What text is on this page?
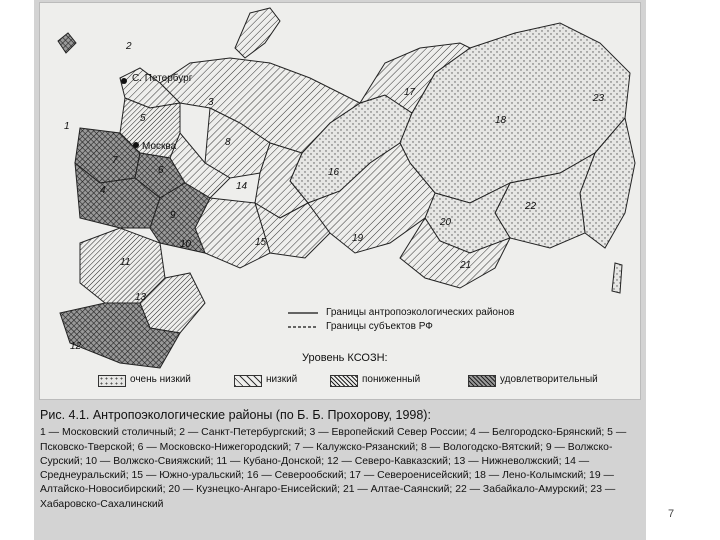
1
2
3
4
5
6
7
8
9
10
11
12
13
14
15
16
17
18
19
20
21
22
23
С. Петербург
Москва
Границы антропоэкологических районов
Границы субъектов РФ
Уровень КСОЗН:
очень низкий	низкий	пониженный	удовлетворительный
Рис. 4.1. Антропоэкологические районы (по Б. Б. Прохорову, 1998):
1 — Московский столичный; 2 — Санкт-Петербургский; 3 — Европейский Север России; 4 — Белгородско-Брянский; 5 — Псковско-Тверской; 6 — Московско-Нижегородский; 7 — Калужско-Рязанский; 8 — Вологодско-Вятский; 9 — Волжско-Сурский; 10 — Волжско-Свияжский; 11 — Кубано-Донской; 12 — Северо-Кавказский; 13 — Нижневолжский; 14 — Среднеуральский; 15 — Южно-уральский; 16 — Североoбский; 17 — Североенисейский; 18 — Лено-Колымский; 19 — Алтайско-Новосибирский; 20 — Кузнецко-Ангаро-Енисейский; 21 — Алтае-Саянский; 22 — Забайкало-Амурский; 23 — Хабаровско-Сахалинский
7
